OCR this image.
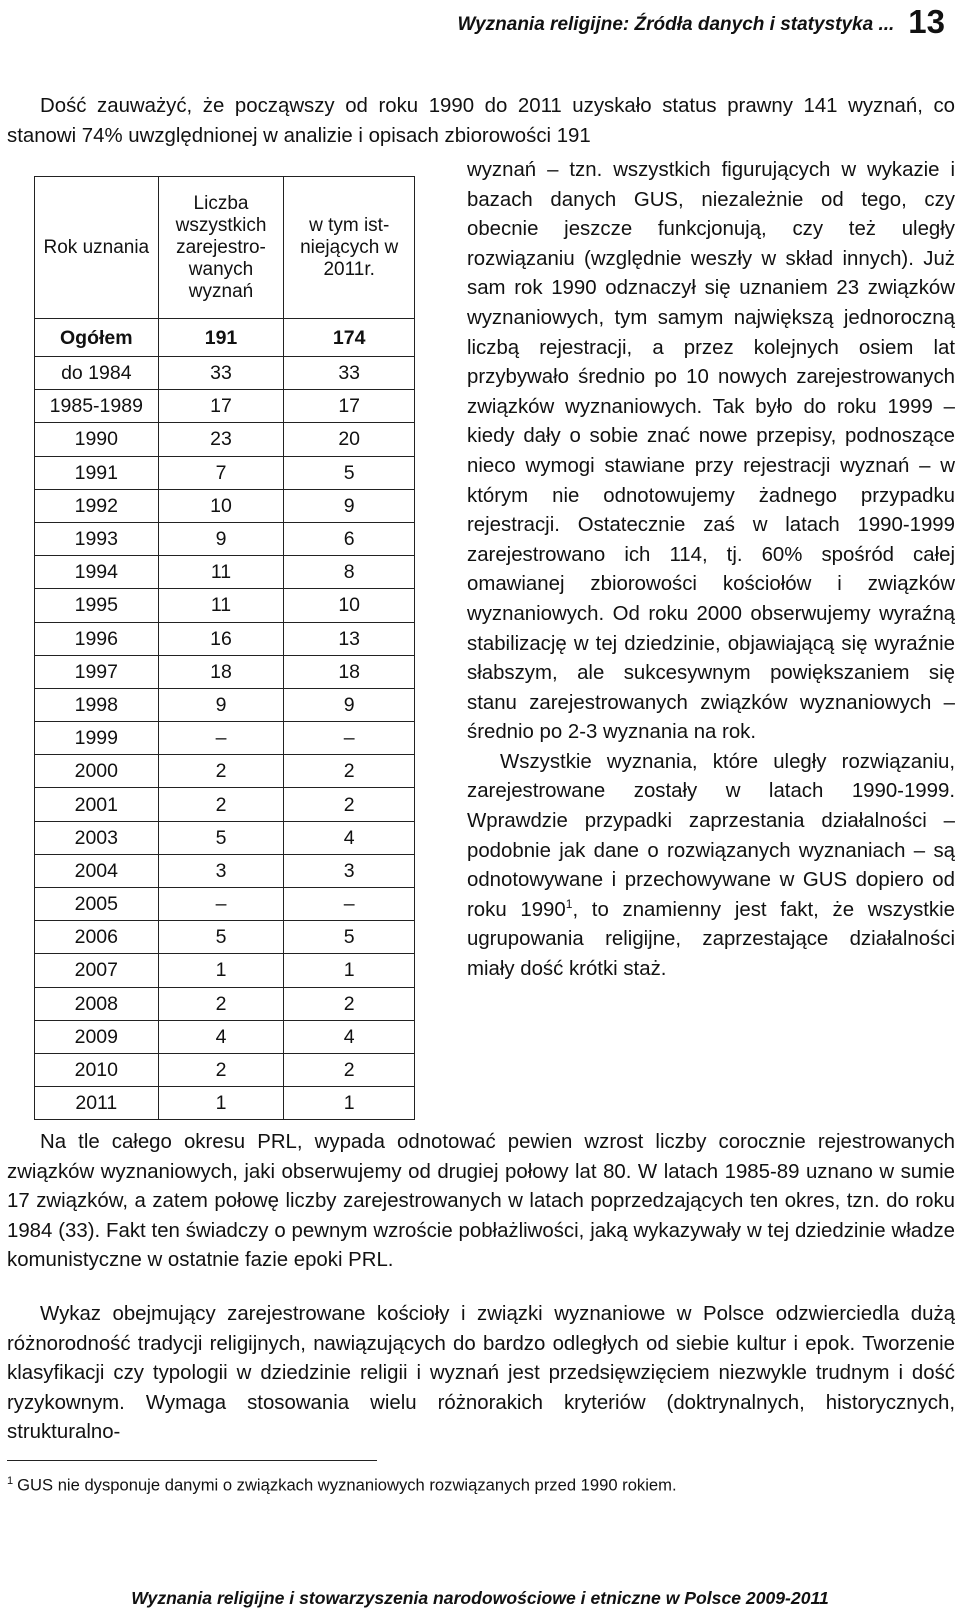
Wyznania religijne: Źródła danych i statystyka ... 13

Dość zauważyć, że począwszy od roku 1990 do 2011 uzyskało status prawny 141 wyznań, co stanowi 74% uwzględnionej w analizie i opisach zbiorowości 191

Rok uznania	Liczba wszystkich zarejestro-wanych wyznań	w tym ist-niejących w 2011r.
Ogółem	191	174
do 1984	33	33
1985-1989	17	17
1990	23	20
1991	7	5
1992	10	9
1993	9	6
1994	11	8
1995	11	10
1996	16	13
1997	18	18
1998	9	9
1999	–	–
2000	2	2
2001	2	2
2003	5	4
2004	3	3
2005	–	–
2006	5	5
2007	1	1
2008	2	2
2009	4	4
2010	2	2
2011	1	1
wyznań – tzn. wszystkich figurujących w wykazie i bazach danych GUS, niezależnie od tego, czy obecnie jeszcze funkcjonują, czy też uległy rozwiązaniu (względnie weszły w skład innych). Już sam rok 1990 odznaczył się uznaniem 23 związków wyznaniowych, tym samym największą jednoroczną liczbą rejestracji, a przez kolejnych osiem lat przybywało średnio po 10 nowych zarejestrowanych związków wyznaniowych. Tak było do roku 1999 – kiedy dały o sobie znać nowe przepisy, podnoszące nieco wymogi stawiane przy rejestracji wyznań – w którym nie odnotowujemy żadnego przypadku rejestracji. Ostatecznie zaś w latach 1990-1999 zarejestrowano ich 114, tj. 60% spośród całej omawianej zbiorowości kościołów i związków wyznaniowych. Od roku 2000 obserwujemy wyraźną stabilizację w tej dziedzinie, objawiającą się wyraźnie słabszym, ale sukcesywnym powiększaniem się stanu zarejestrowanych związków wyznaniowych – średnio po 2-3 wyznania na rok.
Wszystkie wyznania, które uległy rozwiązaniu, zarejestrowane zostały w latach 1990-1999. Wprawdzie przypadki zaprzestania działalności – podobnie jak dane o rozwiązanych wyznaniach – są odnotowywane i przechowywane w GUS dopiero od roku 1990$^1$, to znamienny jest fakt, że wszystkie ugrupowania religijne, zaprzestające działalności miały dość krótki staż.

Na tle całego okresu PRL, wypada odnotować pewien wzrost liczby corocznie rejestrowanych związków wyznaniowych, jaki obserwujemy od drugiej połowy lat 80. W latach 1985-89 uznano w sumie 17 związków, a zatem połowę liczby zarejestrowanych w latach poprzedzających ten okres, tzn. do roku 1984 (33). Fakt ten świadczy o pewnym wzroście pobłażliwości, jaką wykazywały w tej dziedzinie władze komunistyczne w ostatnie fazie epoki PRL.

Wykaz obejmujący zarejestrowane kościoły i związki wyznaniowe w Polsce odzwierciedla dużą różnorodność tradycji religijnych, nawiązujących do bardzo odległych od siebie kultur i epok. Tworzenie klasyfikacji czy typologii w dziedzinie religii i wyznań jest przedsięwzięciem niezwykle trudnym i dość ryzykownym. Wymaga stosowania wielu różnorakich kryteriów (doktrynalnych, historycznych, strukturalno-

$^1$ GUS nie dysponuje danymi o związkach wyznaniowych rozwiązanych przed 1990 rokiem.
Wyznania religijne i stowarzyszenia narodowościowe i etniczne w Polsce 2009-2011
